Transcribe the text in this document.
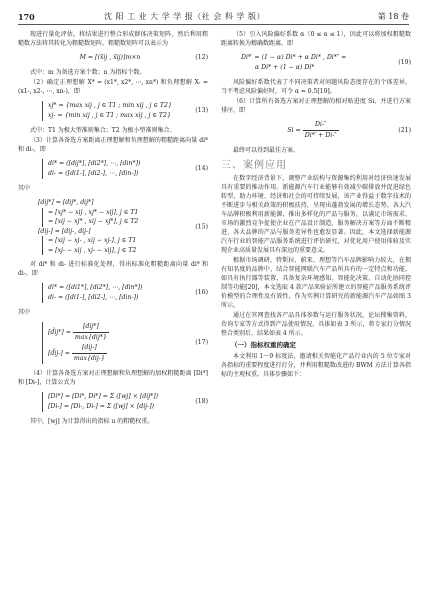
170	沈 阳 工 业 大 学 学 报（社 会 科 学 版）	第 18 卷

现进行量化评估，将结果进行整合形成群体决策矩阵，然后利用粗糙数方法将其转化为粗糙数矩阵，粗糙数矩阵可以表示为

M = [(x̃ij , x̃ij)]m×n	(12)

式中：m 为备选方案个数；n 为指标个数。

（2）确定正理想解 X* = (x1*, x2*, ⋯, xn*) 和负理想解 X- = (x1-, x2-, ⋯, xn-)，即

xj* = {max xij , j ∈ T1 ; min xij , j ∈ T2}
xj- = {min xij , j ∈ T1 ; max xij , j ∈ T2}
(13)

式中：T1 为极大型准则集合；T2 为极小型准则集合。

（3）计算各备选方案距离正理想解和负理想解的粗糙距离向量 di* 和 di-，即

di* = ([dij*], [di2*], ⋯, [din*])
di- = ([di1-], [di2-], ⋯, [din-])
(14)

其中

[dij*] = [dij*, dij*]
= [xj* − xij , xj* − xij], j ∈ T1
= [xij − xj* , xij − xj*], j ∈ T2
[dij-] = [dij-, dij-]
= [xij − xj- , xij − xj-], j ∈ T1
= [xj- − xij , xj- − xij], j ∈ T2
(15)

对 di* 和 di- 进行标准化处理，得出标准化粗糙距离向量 di* 和 di-，即

di* = ([di1*], [di2*], ⋯, [din*])
di- = ([di1-], [di2-], ⋯, [din-])
(16)

其中

[d̃ij*] = $\frac{\text{[dij*]}}{\text{max\{dij*\}}}$
[d̃ij-] = $\frac{\text{[dij-]}}{\text{max\{dij-\}}}$
(17)

（4）计算各备选方案对正理想解和负理想解的加权粗糙距离 [Di*] 和 [Di-]，计算公式为

[Di*] = [Di*, Di*] = Σ ([wj] × [dij*])
[Di-] = [Di-, Di-] = Σ ([wj] × [dij-])
(18)

其中，[wj] 为计算得出的指标 u 的粗糙权重。

（5）引入风险偏好系数 α（0 ≤ α ≤ 1），因此可以将加权粗糙数距离转换为精确数距离，即

Di*′ = (1 − α) Di* + α Di* , Di*″ =
α Di* + (1 − α) Di*
(19)

风险偏好系数代表了不同决策者对问题风险态度存在的个体差异。当不考虑风险偏好时，可令 α = 0.5[19]。

（6）计算所有备选方案对正理想解的相对贴进度 Si，并进行方案排序，即

$Si = \frac{Di-''}{Di*' + Di-''}$	(21)

最终可以得到最佳方案。

三、案例应用

在数字经济背景下，调整产业结构与资源集约利用对经济快速发展具有重要的推动作用。新能源汽车行业能够有效减少碳排放并促进绿色转型，助力环境、经济和社会的可持续发展，该产业得益于数字技术的不断进步与相关政策的积极扶持，呈现出蓬勃发展的增长态势。各大汽车品牌积极利用新能源，推出多样化的产品与服务，以满足市场需求。市场的激烈竞争促使企业在产品设计制造、服务解决方案等方面不断精进，各大品牌的产品与服务差异性也愈发显著。因此，本文选择新能源汽车行业的智能产品服务系统进行评估研究，对优化用户使用体验及实现企业高质量发展具有深远的重要意义。

根据市场调研、特斯拉、蔚来、理想等汽车品牌影响力较大，在拥有知名度的品牌中，结合智能网联汽车产品所具有的一定特点和功能，如具有执行器等装置，具备复杂环境感知、智能化决策、自动化协同控制等功能[20]，本文选取 4 款产品来验证所建立的智能产品服务系统评价模型的合理性及有效性，作为实例计算研究的新能源汽车产品如图 3 所示。

通过在官网查找各产品具体参数与运行服务状况，论坛搜集资料，咨询专家等方式得到产品使用情况，具体如表 3 所示，将专家打分情况整合类别后，结果如表 4 所示。

（一）指标权重的确定

本文利用 1～9 标度法，邀请相关智能化产品行业内的 5 位专家对各指标的重要程度进行打分，并利用粗糙数改进的 BWM 方法计算各指标的主观权重。具体步骤如下：
